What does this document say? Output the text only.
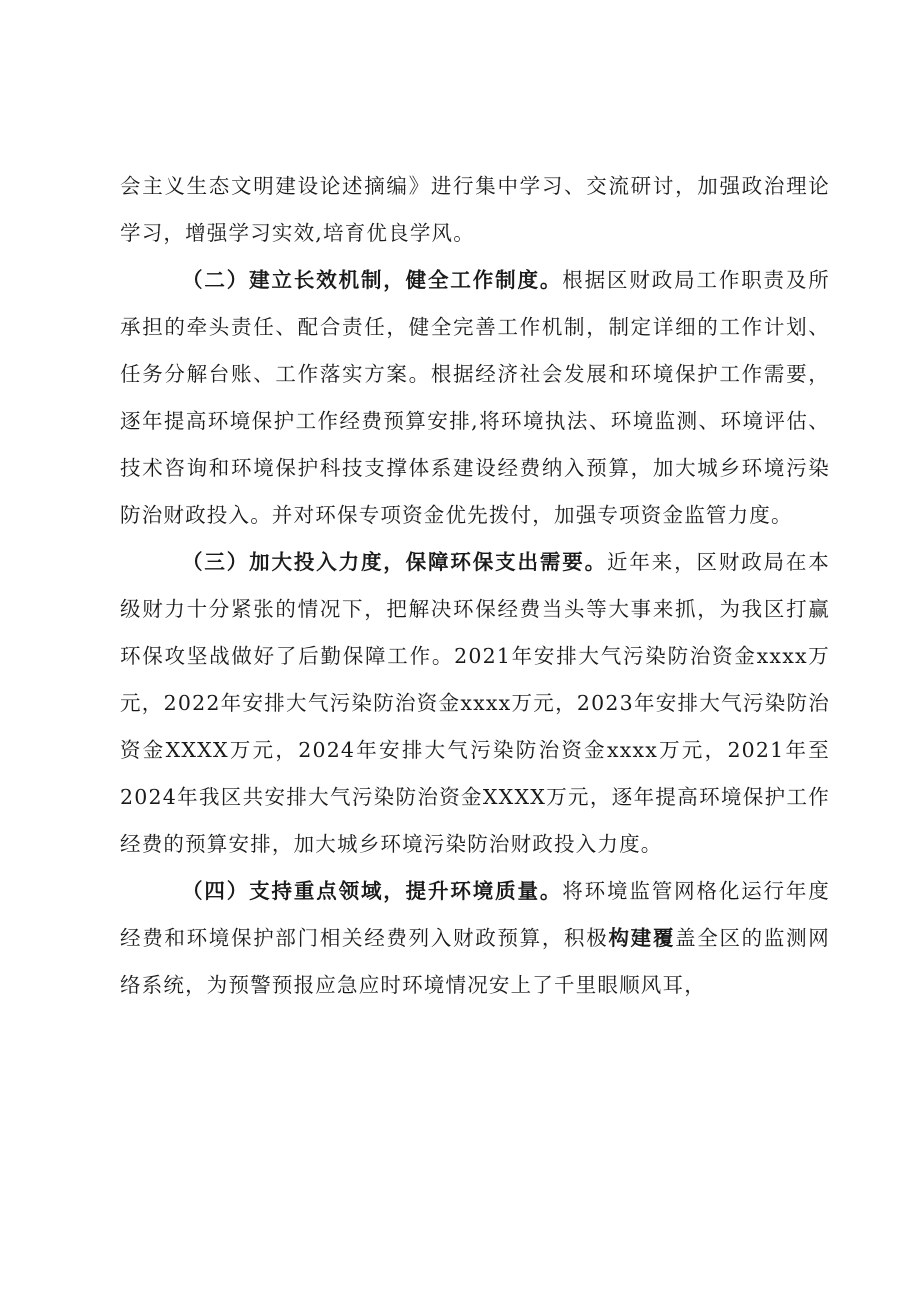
会主义生态文明建设论述摘编》进行集中学习、交流研讨，加强政治理论学习，增强学习实效,培育优良学风。

（二）建立长效机制，健全工作制度。根据区财政局工作职责及所承担的牵头责任、配合责任，健全完善工作机制，制定详细的工作计划、任务分解台账、工作落实方案。根据经济社会发展和环境保护工作需要，逐年提高环境保护工作经费预算安排,将环境执法、环境监测、环境评估、技术咨询和环境保护科技支撑体系建设经费纳入预算，加大城乡环境污染防治财政投入。并对环保专项资金优先拨付，加强专项资金监管力度。

（三）加大投入力度，保障环保支出需要。近年来，区财政局在本级财力十分紧张的情况下，把解决环保经费当头等大事来抓，为我区打赢环保攻坚战做好了后勤保障工作。2021年安排大气污染防治资金xxxx万元，2022年安排大气污染防治资金xxxx万元，2023年安排大气污染防治资金XXXX万元，2024年安排大气污染防治资金xxxx万元，2021年至2024年我区共安排大气污染防治资金XXXX万元，逐年提高环境保护工作经费的预算安排，加大城乡环境污染防治财政投入力度。

（四）支持重点领域，提升环境质量。将环境监管网格化运行年度经费和环境保护部门相关经费列入财政预算，积极构建覆盖全区的监测网络系统，为预警预报应急应时环境情况安上了千里眼顺风耳，
